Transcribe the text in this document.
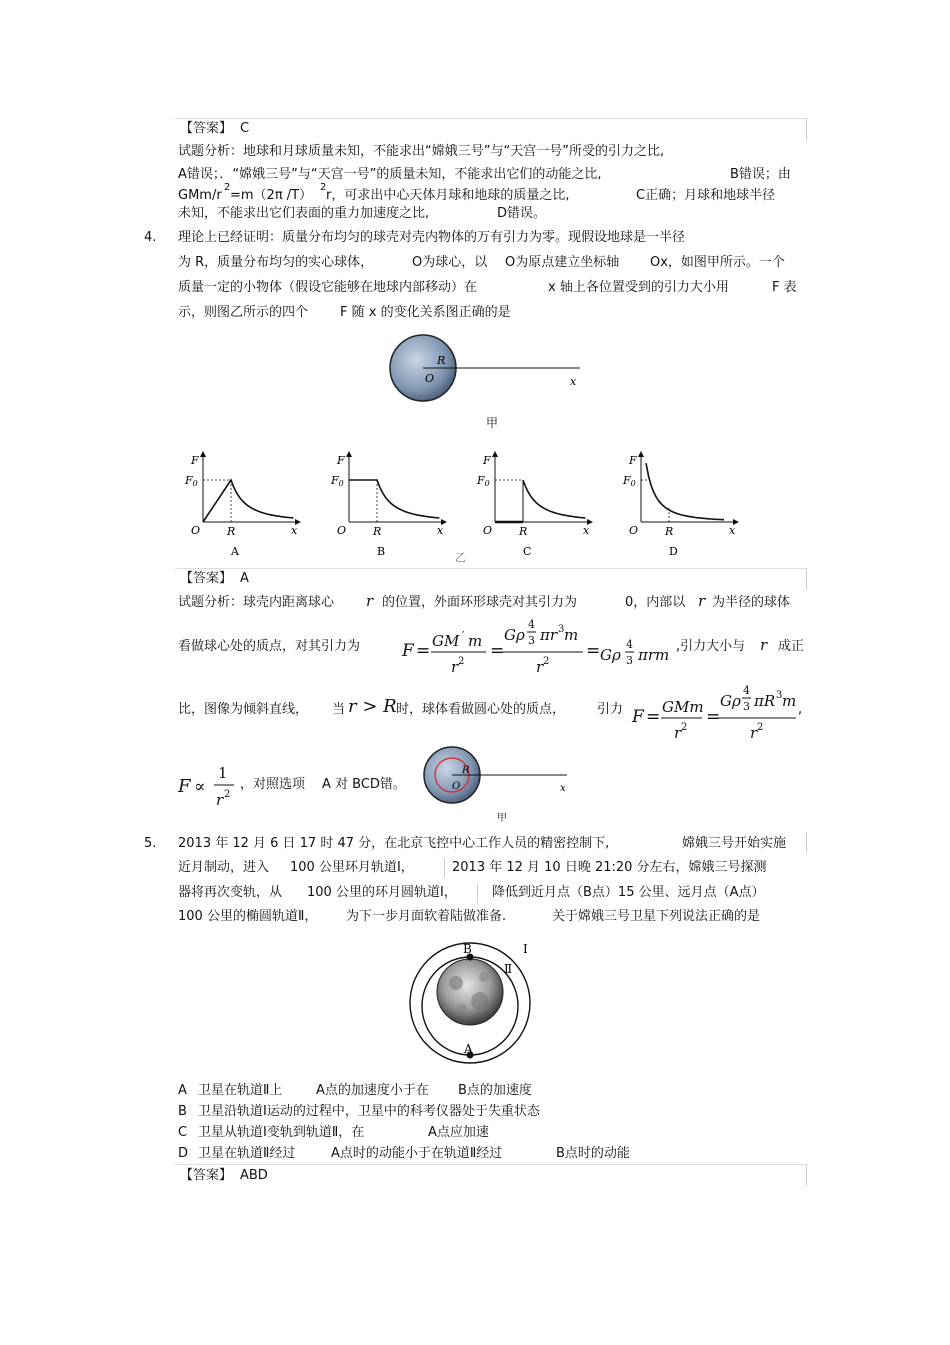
【答案】 C
试题分析：地球和月球质量未知，不能求出“嫦娥三号”与“天宫一号”所受的引力之比,
A错误；．“嫦娥三号”与“天宫一号”的质量未知，不能求出它们的动能之比,	B错误；由
GMm/r
2
=m（2π /T）
2
r，可求出中心天体月球和地球的质量之比,	C正确；月球和地球半径
未知，不能求出它们表面的重力加速度之比,	D错误。
4. 理论上已经证明：质量分布均匀的球壳对壳内物体的万有引力为零。现假设地球是一半径
为 R，质量分布均匀的实心球体，	O为球心，以 O为原点建立坐标轴 Ox，如图甲所示。一个
质量一定的小物体（假设它能够在地球内部移动）在	x 轴上各位置受到的引力大小用	F 表
示，则图乙所示的四个 F 随 x 的变化关系图正确的是
R
O	x
甲
F
F0
O R	x
A
F
F0
O R	x
B
F
F0
O R	x
C
F
F0
O R	x
D
乙
【答案】 A
试题分析：球壳内距离球心 r 的位置，外面环形球壳对其引力为	0，内部以 r 为半径的球体
看做球心处的质点，对其引力为 F = GM ′ m
r 2
=
Gρ
4
3 πr 3 m
r 2
= Gρ
4
3 πrm ,引力大小与 r 成正
比，图像为倾斜直线， 当 r > R 时，球体看做圆心处的质点， 引力 F = GMm
r 2
=
Gρ
4
3 πR 3 m
r 2
,
F ∝
1
r 2
，对照选项 A 对 BCD错。
R
O	x
甲
5. 2013 年 12 月 6 日 17 时 47 分，在北京飞控中心工作人员的精密控制下,	嫦娥三号开始实施
近月制动，进入 100 公里环月轨道Ⅰ，	2013 年 12 月 10 日晚 21:20 分左右，嫦娥三号探测
器将再次变轨，从 100 公里的环月圆轨道Ⅰ，	降低到近月点（B点）15 公里、远月点（A点）
100 公里的椭圆轨道Ⅱ， 为下一步月面软着陆做准备.	关于嫦娥三号卫星下列说法正确的是
B
A
I
Ⅱ
A 卫星在轨道Ⅱ上	A点的加速度小于在 B点的加速度
B 卫星沿轨道Ⅰ运动的过程中，卫星中的科考仪器处于失重状态
C 卫星从轨道Ⅰ变轨到轨道Ⅱ，在	A点应加速
D 卫星在轨道Ⅱ经过	A点时的动能小于在轨道Ⅱ经过	B点时的动能
【答案】 ABD
